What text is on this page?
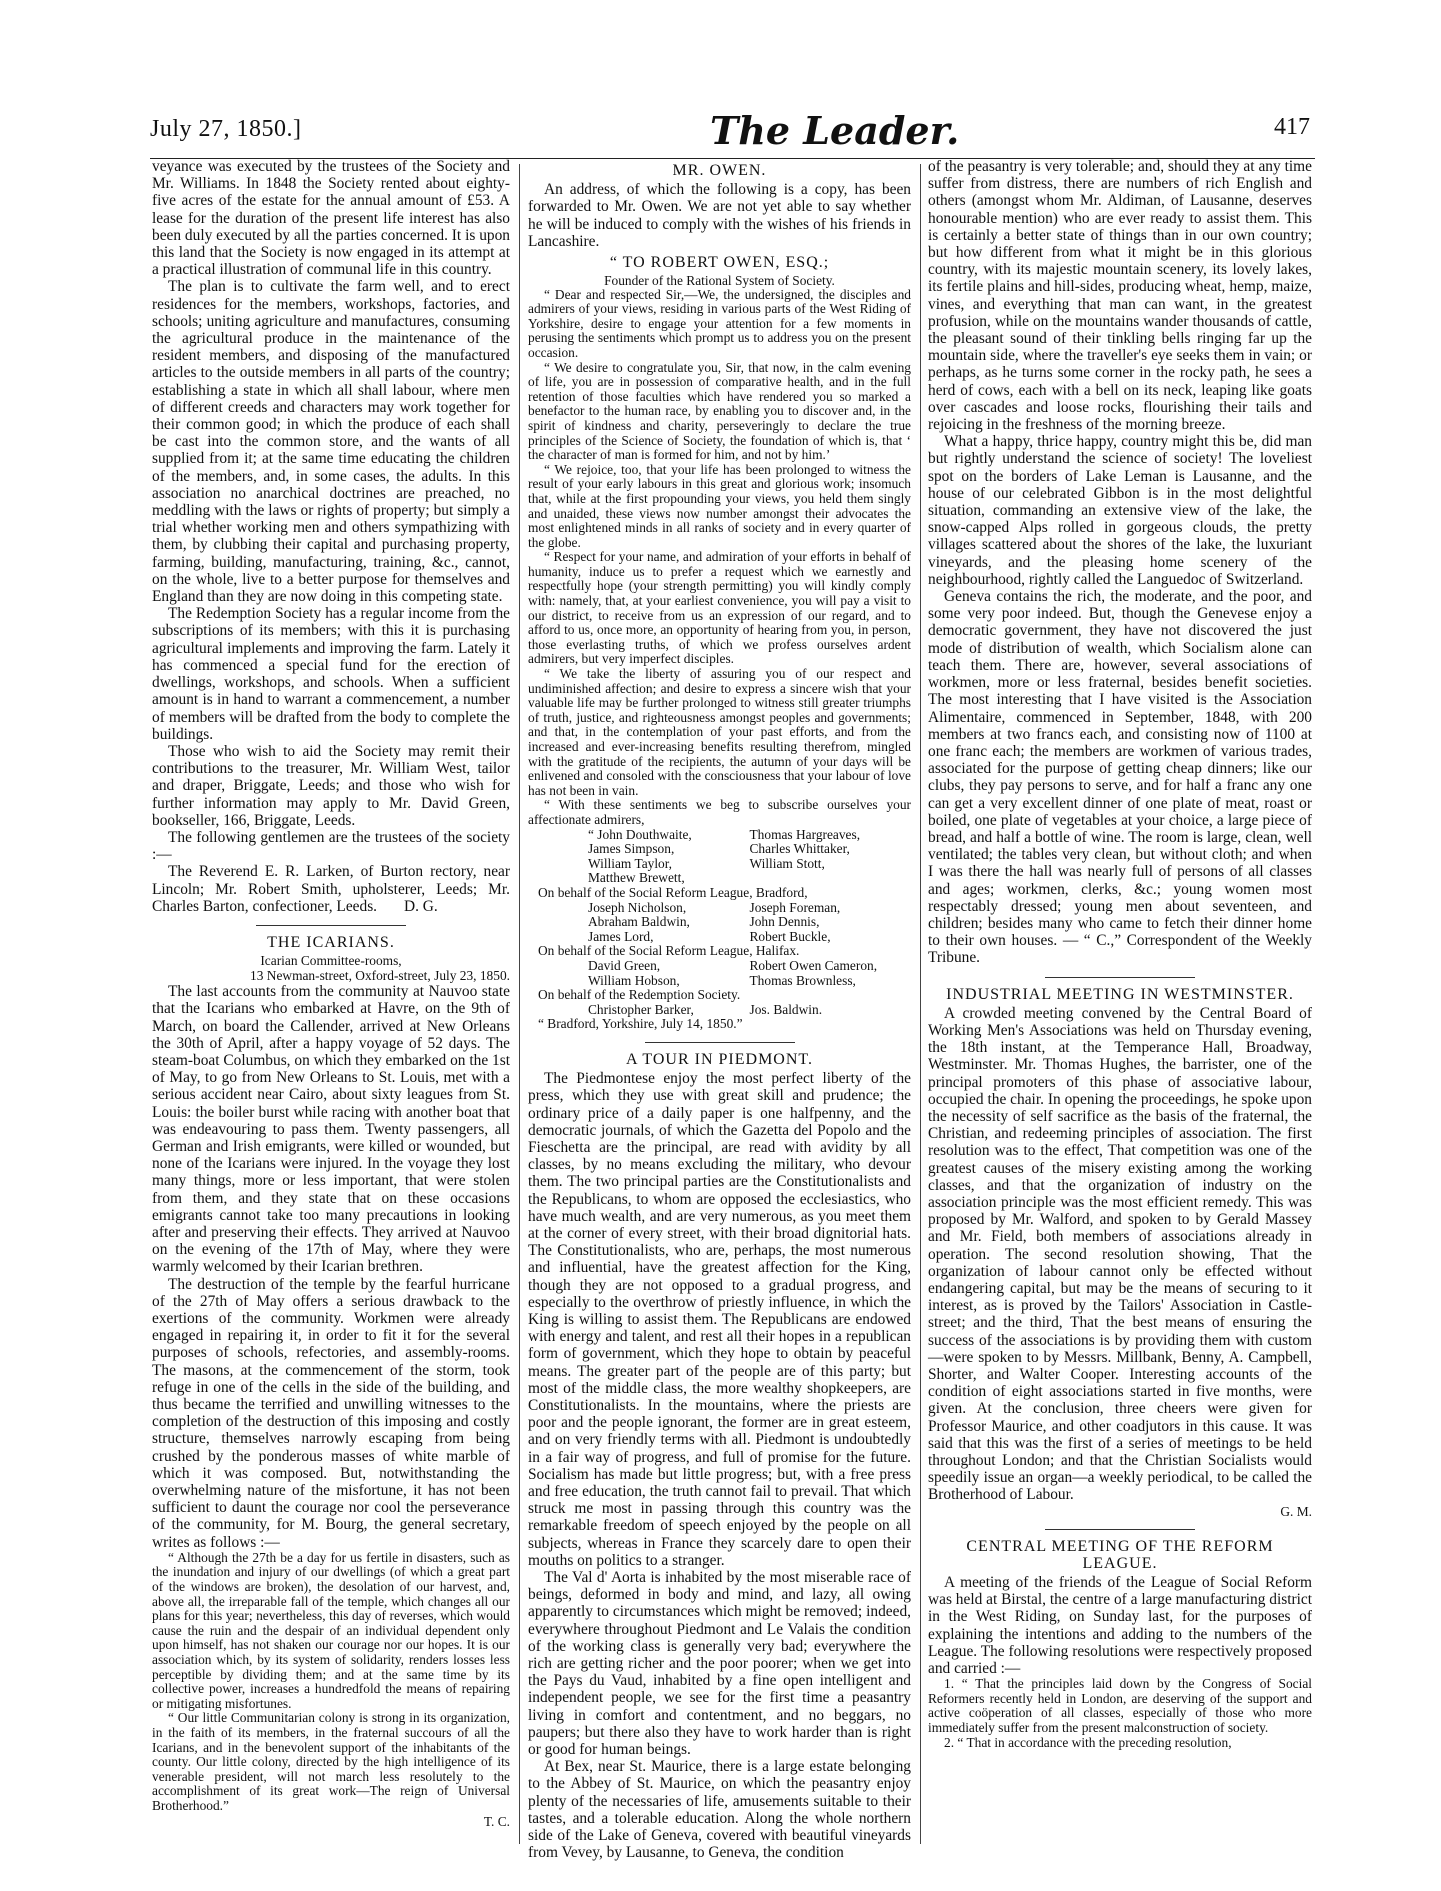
July 27, 1850.]	The Leader.	417

veyance was executed by the trustees of the Society and Mr. Williams. In 1848 the Society rented about eighty-five acres of the estate for the annual amount of £53. A lease for the duration of the present life interest has also been duly executed by all the parties concerned. It is upon this land that the Society is now engaged in its attempt at a practical illustration of communal life in this country.

The plan is to cultivate the farm well, and to erect residences for the members, workshops, factories, and schools; uniting agriculture and manufactures, consuming the agricultural produce in the maintenance of the resident members, and disposing of the manufactured articles to the outside members in all parts of the country; establishing a state in which all shall labour, where men of different creeds and characters may work together for their common good; in which the produce of each shall be cast into the common store, and the wants of all supplied from it; at the same time educating the children of the members, and, in some cases, the adults. In this association no anarchical doctrines are preached, no meddling with the laws or rights of property; but simply a trial whether working men and others sympathizing with them, by clubbing their capital and purchasing property, farming, building, manufacturing, training, &c., cannot, on the whole, live to a better purpose for themselves and England than they are now doing in this competing state.

The Redemption Society has a regular income from the subscriptions of its members; with this it is purchasing agricultural implements and improving the farm. Lately it has commenced a special fund for the erection of dwellings, workshops, and schools. When a sufficient amount is in hand to warrant a commencement, a number of members will be drafted from the body to complete the buildings.

Those who wish to aid the Society may remit their contributions to the treasurer, Mr. William West, tailor and draper, Briggate, Leeds; and those who wish for further information may apply to Mr. David Green, bookseller, 166, Briggate, Leeds.

The following gentlemen are the trustees of the society :—

The Reverend E. R. Larken, of Burton rectory, near Lincoln; Mr. Robert Smith, upholsterer, Leeds; Mr. Charles Barton, confectioner, Leeds. D. G.

THE ICARIANS.

Icarian Committee-rooms,

13 Newman-street, Oxford-street, July 23, 1850.

The last accounts from the community at Nauvoo state that the Icarians who embarked at Havre, on the 9th of March, on board the Callender, arrived at New Orleans the 30th of April, after a happy voyage of 52 days. The steam-boat Columbus, on which they embarked on the 1st of May, to go from New Orleans to St. Louis, met with a serious accident near Cairo, about sixty leagues from St. Louis: the boiler burst while racing with another boat that was endeavouring to pass them. Twenty passengers, all German and Irish emigrants, were killed or wounded, but none of the Icarians were injured. In the voyage they lost many things, more or less important, that were stolen from them, and they state that on these occasions emigrants cannot take too many precautions in looking after and preserving their effects. They arrived at Nauvoo on the evening of the 17th of May, where they were warmly welcomed by their Icarian brethren.

The destruction of the temple by the fearful hurricane of the 27th of May offers a serious drawback to the exertions of the community. Workmen were already engaged in repairing it, in order to fit it for the several purposes of schools, refectories, and assembly-rooms. The masons, at the commencement of the storm, took refuge in one of the cells in the side of the building, and thus became the terrified and unwilling witnesses to the completion of the destruction of this imposing and costly structure, themselves narrowly escaping from being crushed by the ponderous masses of white marble of which it was composed. But, notwithstanding the overwhelming nature of the misfortune, it has not been sufficient to daunt the courage nor cool the perseverance of the community, for M. Bourg, the general secretary, writes as follows :—

“ Although the 27th be a day for us fertile in disasters, such as the inundation and injury of our dwellings (of which a great part of the windows are broken), the desolation of our harvest, and, above all, the irreparable fall of the temple, which changes all our plans for this year; nevertheless, this day of reverses, which would cause the ruin and the despair of an individual dependent only upon himself, has not shaken our courage nor our hopes. It is our association which, by its system of solidarity, renders losses less perceptible by dividing them; and at the same time by its collective power, increases a hundredfold the means of repairing or mitigating misfortunes.

“ Our little Communitarian colony is strong in its organization, in the faith of its members, in the fraternal succours of all the Icarians, and in the benevolent support of the inhabitants of the county. Our little colony, directed by the high intelligence of its venerable president, will not march less resolutely to the accomplishment of its great work—The reign of Universal Brotherhood.”

T. C.

MR. OWEN.

An address, of which the following is a copy, has been forwarded to Mr. Owen. We are not yet able to say whether he will be induced to comply with the wishes of his friends in Lancashire.

“ TO ROBERT OWEN, ESQ.;

Founder of the Rational System of Society.

“ Dear and respected Sir,—We, the undersigned, the disciples and admirers of your views, residing in various parts of the West Riding of Yorkshire, desire to engage your attention for a few moments in perusing the sentiments which prompt us to address you on the present occasion.

“ We desire to congratulate you, Sir, that now, in the calm evening of life, you are in possession of comparative health, and in the full retention of those faculties which have rendered you so marked a benefactor to the human race, by enabling you to discover and, in the spirit of kindness and charity, perseveringly to declare the true principles of the Science of Society, the foundation of which is, that ‘ the character of man is formed for him, and not by him.’

“ We rejoice, too, that your life has been prolonged to witness the result of your early labours in this great and glorious work; insomuch that, while at the first propounding your views, you held them singly and unaided, these views now number amongst their advocates the most enlightened minds in all ranks of society and in every quarter of the globe.

“ Respect for your name, and admiration of your efforts in behalf of humanity, induce us to prefer a request which we earnestly and respectfully hope (your strength permitting) you will kindly comply with: namely, that, at your earliest convenience, you will pay a visit to our district, to receive from us an expression of our regard, and to afford to us, once more, an opportunity of hearing from you, in person, those everlasting truths, of which we profess ourselves ardent admirers, but very imperfect disciples.

“ We take the liberty of assuring you of our respect and undiminished affection; and desire to express a sincere wish that your valuable life may be further prolonged to witness still greater triumphs of truth, justice, and righteousness amongst peoples and governments; and that, in the contemplation of your past efforts, and from the increased and ever-increasing benefits resulting therefrom, mingled with the gratitude of the recipients, the autumn of your days will be enlivened and consoled with the consciousness that your labour of love has not been in vain.

“ With these sentiments we beg to subscribe ourselves your affectionate admirers,

“ John Douthwaite,	Thomas Hargreaves,
James Simpson,	Charles Whittaker,
William Taylor,	William Stott,
Matthew Brewett,
On behalf of the Social Reform League, Bradford,
Joseph Nicholson,	Joseph Foreman,
Abraham Baldwin,	John Dennis,
James Lord,	Robert Buckle,
On behalf of the Social Reform League, Halifax.
David Green,	Robert Owen Cameron,
William Hobson,	Thomas Brownless,
On behalf of the Redemption Society.
Christopher Barker,	Jos. Baldwin.
“ Bradford, Yorkshire, July 14, 1850.”

A TOUR IN PIEDMONT.

The Piedmontese enjoy the most perfect liberty of the press, which they use with great skill and prudence; the ordinary price of a daily paper is one halfpenny, and the democratic journals, of which the Gazetta del Popolo and the Fieschetta are the principal, are read with avidity by all classes, by no means excluding the military, who devour them. The two principal parties are the Constitutionalists and the Republicans, to whom are opposed the ecclesiastics, who have much wealth, and are very numerous, as you meet them at the corner of every street, with their broad dignitorial hats. The Constitutionalists, who are, perhaps, the most numerous and influential, have the greatest affection for the King, though they are not opposed to a gradual progress, and especially to the overthrow of priestly influence, in which the King is willing to assist them. The Republicans are endowed with energy and talent, and rest all their hopes in a republican form of government, which they hope to obtain by peaceful means. The greater part of the people are of this party; but most of the middle class, the more wealthy shopkeepers, are Constitutionalists. In the mountains, where the priests are poor and the people ignorant, the former are in great esteem, and on very friendly terms with all. Piedmont is undoubtedly in a fair way of progress, and full of promise for the future. Socialism has made but little progress; but, with a free press and free education, the truth cannot fail to prevail. That which struck me most in passing through this country was the remarkable freedom of speech enjoyed by the people on all subjects, whereas in France they scarcely dare to open their mouths on politics to a stranger.

The Val d' Aorta is inhabited by the most miserable race of beings, deformed in body and mind, and lazy, all owing apparently to circumstances which might be removed; indeed, everywhere throughout Piedmont and Le Valais the condition of the working class is generally very bad; everywhere the rich are getting richer and the poor poorer; when we get into the Pays du Vaud, inhabited by a fine open intelligent and independent people, we see for the first time a peasantry living in comfort and contentment, and no beggars, no paupers; but there also they have to work harder than is right or good for human beings.

At Bex, near St. Maurice, there is a large estate belonging to the Abbey of St. Maurice, on which the peasantry enjoy plenty of the necessaries of life, amusements suitable to their tastes, and a tolerable education. Along the whole northern side of the Lake of Geneva, covered with beautiful vineyards from Vevey, by Lausanne, to Geneva, the condition

of the peasantry is very tolerable; and, should they at any time suffer from distress, there are numbers of rich English and others (amongst whom Mr. Aldiman, of Lausanne, deserves honourable mention) who are ever ready to assist them. This is certainly a better state of things than in our own country; but how different from what it might be in this glorious country, with its majestic mountain scenery, its lovely lakes, its fertile plains and hill-sides, producing wheat, hemp, maize, vines, and everything that man can want, in the greatest profusion, while on the mountains wander thousands of cattle, the pleasant sound of their tinkling bells ringing far up the mountain side, where the traveller's eye seeks them in vain; or perhaps, as he turns some corner in the rocky path, he sees a herd of cows, each with a bell on its neck, leaping like goats over cascades and loose rocks, flourishing their tails and rejoicing in the freshness of the morning breeze.

What a happy, thrice happy, country might this be, did man but rightly understand the science of society! The loveliest spot on the borders of Lake Leman is Lausanne, and the house of our celebrated Gibbon is in the most delightful situation, commanding an extensive view of the lake, the snow-capped Alps rolled in gorgeous clouds, the pretty villages scattered about the shores of the lake, the luxuriant vineyards, and the pleasing home scenery of the neighbourhood, rightly called the Languedoc of Switzerland.

Geneva contains the rich, the moderate, and the poor, and some very poor indeed. But, though the Genevese enjoy a democratic government, they have not discovered the just mode of distribution of wealth, which Socialism alone can teach them. There are, however, several associations of workmen, more or less fraternal, besides benefit societies. The most interesting that I have visited is the Association Alimentaire, commenced in September, 1848, with 200 members at two francs each, and consisting now of 1100 at one franc each; the members are workmen of various trades, associated for the purpose of getting cheap dinners; like our clubs, they pay persons to serve, and for half a franc any one can get a very excellent dinner of one plate of meat, roast or boiled, one plate of vegetables at your choice, a large piece of bread, and half a bottle of wine. The room is large, clean, well ventilated; the tables very clean, but without cloth; and when I was there the hall was nearly full of persons of all classes and ages; workmen, clerks, &c.; young women most respectably dressed; young men about seventeen, and children; besides many who came to fetch their dinner home to their own houses. — “ C.,” Correspondent of the Weekly Tribune.

INDUSTRIAL MEETING IN WESTMINSTER.

A crowded meeting convened by the Central Board of Working Men's Associations was held on Thursday evening, the 18th instant, at the Temperance Hall, Broadway, Westminster. Mr. Thomas Hughes, the barrister, one of the principal promoters of this phase of associative labour, occupied the chair. In opening the proceedings, he spoke upon the necessity of self sacrifice as the basis of the fraternal, the Christian, and redeeming principles of association. The first resolution was to the effect, That competition was one of the greatest causes of the misery existing among the working classes, and that the organization of industry on the association principle was the most efficient remedy. This was proposed by Mr. Walford, and spoken to by Gerald Massey and Mr. Field, both members of associations already in operation. The second resolution showing, That the organization of labour cannot only be effected without endangering capital, but may be the means of securing to it interest, as is proved by the Tailors' Association in Castle-street; and the third, That the best means of ensuring the success of the associations is by providing them with custom—were spoken to by Messrs. Millbank, Benny, A. Campbell, Shorter, and Walter Cooper. Interesting accounts of the condition of eight associations started in five months, were given. At the conclusion, three cheers were given for Professor Maurice, and other coadjutors in this cause. It was said that this was the first of a series of meetings to be held throughout London; and that the Christian Socialists would speedily issue an organ—a weekly periodical, to be called the Brotherhood of Labour.

G. M.

CENTRAL MEETING OF THE REFORM LEAGUE.

A meeting of the friends of the League of Social Reform was held at Birstal, the centre of a large manufacturing district in the West Riding, on Sunday last, for the purposes of explaining the intentions and adding to the numbers of the League. The following resolutions were respectively proposed and carried :—

1. “ That the principles laid down by the Congress of Social Reformers recently held in London, are deserving of the support and active coöperation of all classes, especially of those who more immediately suffer from the present malconstruction of society.

2. “ That in accordance with the preceding resolution,
